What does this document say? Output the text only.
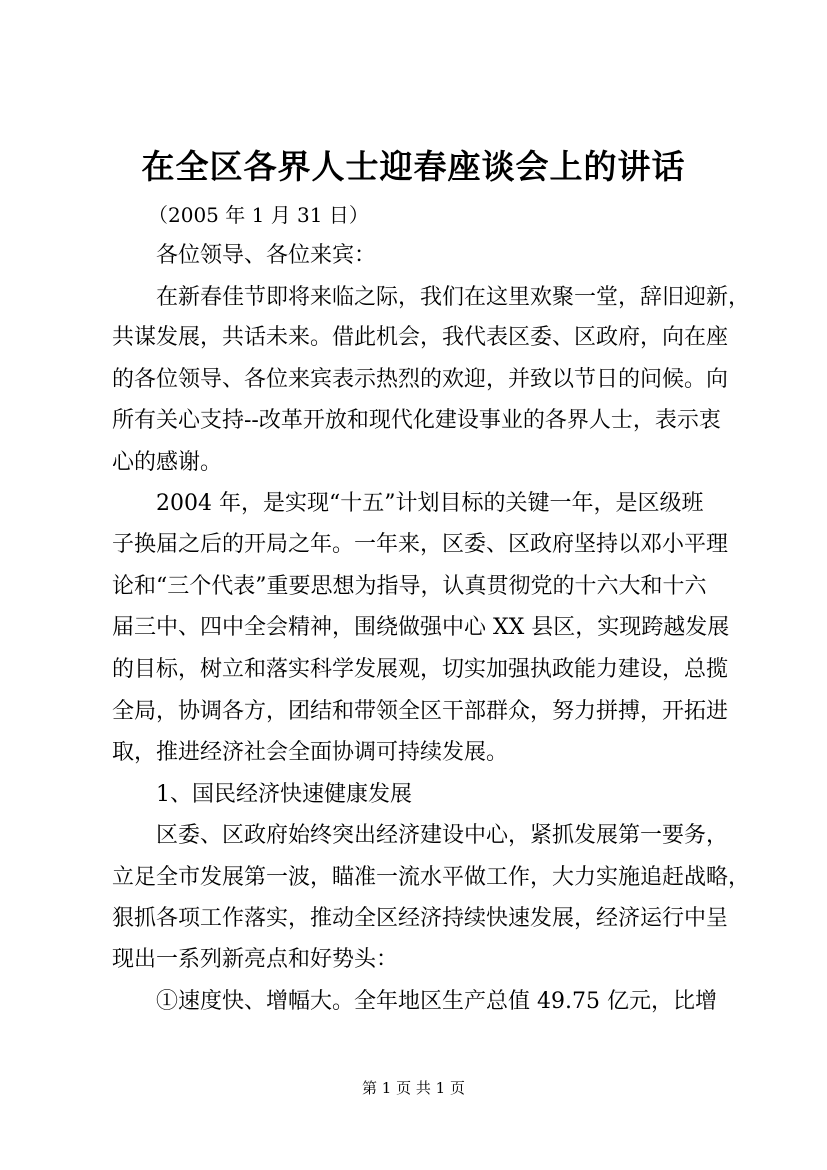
在全区各界人士迎春座谈会上的讲话
（2005 年 1 月 31 日）
各位领导、各位来宾：
在新春佳节即将来临之际，我们在这里欢聚一堂，辞旧迎新，
共谋发展，共话未来。借此机会，我代表区委、区政府，向在座
的各位领导、各位来宾表示热烈的欢迎，并致以节日的问候。向
所有关心支持--改革开放和现代化建设事业的各界人士，表示衷
心的感谢。
2004 年，是实现“十五”计划目标的关键一年，是区级班
子换届之后的开局之年。一年来，区委、区政府坚持以邓小平理
论和“三个代表”重要思想为指导，认真贯彻党的十六大和十六
届三中、四中全会精神，围绕做强中心 XX 县区，实现跨越发展
的目标，树立和落实科学发展观，切实加强执政能力建设，总揽
全局，协调各方，团结和带领全区干部群众，努力拼搏，开拓进
取，推进经济社会全面协调可持续发展。
1、国民经济快速健康发展
区委、区政府始终突出经济建设中心，紧抓发展第一要务，
立足全市发展第一波，瞄准一流水平做工作，大力实施追赶战略，
狠抓各项工作落实，推动全区经济持续快速发展，经济运行中呈
现出一系列新亮点和好势头：
①速度快、增幅大。全年地区生产总值 49.75 亿元，比增
第 1 页 共 1 页
